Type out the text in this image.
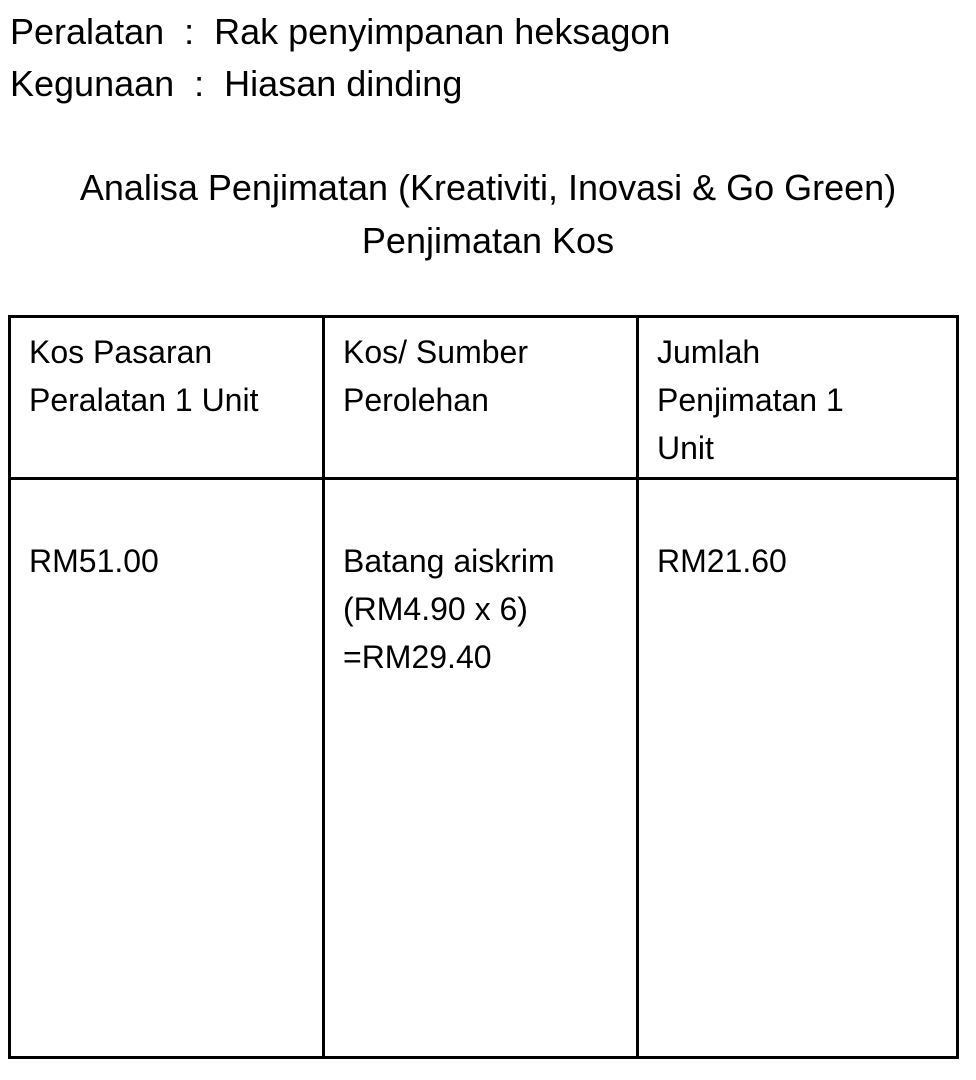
Peralatan  :  Rak penyimpanan heksagon
Kegunaan  :  Hiasan dinding
Analisa Penjimatan (Kreativiti, Inovasi & Go Green)
Penjimatan Kos
Kos Pasaran
Peralatan 1 Unit
Kos/ Sumber
Perolehan
Jumlah
Penjimatan 1
Unit
RM51.00	Batang aiskrim
(RM4.90 x 6)
=RM29.40
RM21.60
